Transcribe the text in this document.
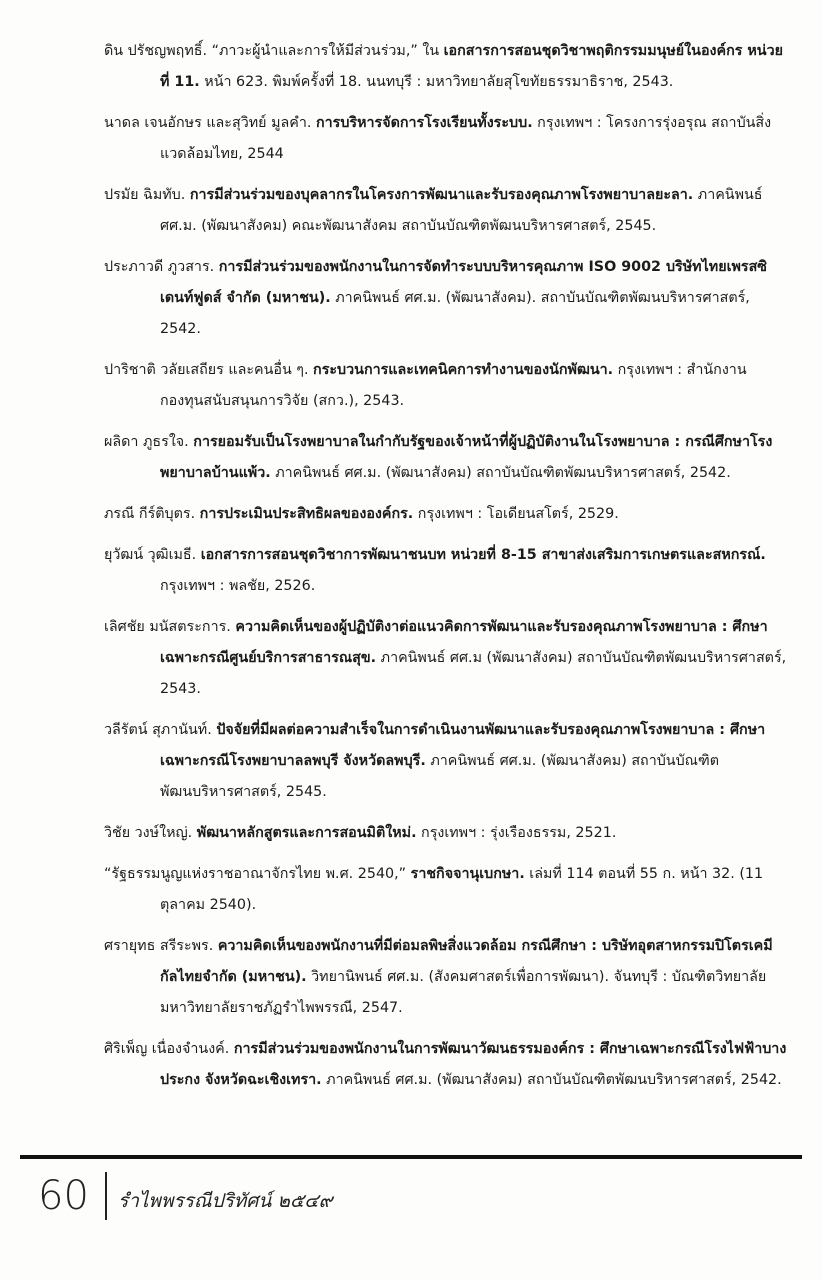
ดิน ปรัชญพฤทธิ์. “ภาวะผู้นำและการให้มีส่วนร่วม,” ใน เอกสารการสอนชุดวิชาพฤติกรรมมนุษย์ในองค์กร หน่วยที่ 11. หน้า 623. พิมพ์ครั้งที่ 18. นนทบุรี : มหาวิทยาลัยสุโขทัยธรรมาธิราช, 2543.

นาดล เจนอักษร และสุวิทย์ มูลคำ. การบริหารจัดการโรงเรียนทั้งระบบ. กรุงเทพฯ : โครงการรุ่งอรุณ สถาบันสิ่งแวดล้อมไทย, 2544

ปรมัย ฉิมทับ. การมีส่วนร่วมของบุคลากรในโครงการพัฒนาและรับรองคุณภาพโรงพยาบาลยะลา. ภาคนิพนธ์ ศศ.ม. (พัฒนาสังคม) คณะพัฒนาสังคม สถาบันบัณฑิตพัฒนบริหารศาสตร์, 2545.

ประภาวดี ภูวสาร. การมีส่วนร่วมของพนักงานในการจัดทำระบบบริหารคุณภาพ ISO 9002 บริษัทไทยเพรสซิเดนท์ฟูดส์ จำกัด (มหาชน). ภาคนิพนธ์ ศศ.ม. (พัฒนาสังคม). สถาบันบัณฑิตพัฒนบริหารศาสตร์, 2542.

ปาริชาติ วลัยเสถียร และคนอื่น ๆ. กระบวนการและเทคนิคการทำงานของนักพัฒนา. กรุงเทพฯ : สำนักงานกองทุนสนับสนุนการวิจัย (สกว.), 2543.

ผลิดา ภูธรใจ. การยอมรับเป็นโรงพยาบาลในกำกับรัฐของเจ้าหน้าที่ผู้ปฏิบัติงานในโรงพยาบาล : กรณีศึกษาโรงพยาบาลบ้านแพ้ว. ภาคนิพนธ์ ศศ.ม. (พัฒนาสังคม) สถาบันบัณฑิตพัฒนบริหารศาสตร์, 2542.

ภรณี กีร์ติบุตร. การประเมินประสิทธิผลขององค์กร. กรุงเทพฯ : โอเดียนสโตร์, 2529.

ยุวัฒน์ วุฒิเมธี. เอกสารการสอนชุดวิชาการพัฒนาชนบท หน่วยที่ 8-15 สาขาส่งเสริมการเกษตรและสหกรณ์. กรุงเทพฯ : พลชัย, 2526.

เลิศชัย มนัสตระการ. ความคิดเห็นของผู้ปฏิบัติงาต่อแนวคิดการพัฒนาและรับรองคุณภาพโรงพยาบาล : ศึกษาเฉพาะกรณีศูนย์บริการสาธารณสุข. ภาคนิพนธ์ ศศ.ม (พัฒนาสังคม) สถาบันบัณฑิตพัฒนบริหารศาสตร์, 2543.

วลีรัตน์ สุภานันท์. ปัจจัยที่มีผลต่อความสำเร็จในการดำเนินงานพัฒนาและรับรองคุณภาพโรงพยาบาล : ศึกษาเฉพาะกรณีโรงพยาบาลลพบุรี จังหวัดลพบุรี. ภาคนิพนธ์ ศศ.ม. (พัฒนาสังคม) สถาบันบัณฑิตพัฒนบริหารศาสตร์, 2545.

วิชัย วงษ์ใหญ่. พัฒนาหลักสูตรและการสอนมิติใหม่. กรุงเทพฯ : รุ่งเรืองธรรม, 2521.

“รัฐธรรมนูญแห่งราชอาณาจักรไทย พ.ศ. 2540,” ราชกิจจานุเบกษา. เล่มที่ 114 ตอนที่ 55 ก. หน้า 32. (11 ตุลาคม 2540).

ศรายุทธ สรีระพร. ความคิดเห็นของพนักงานที่มีต่อมลพิษสิ่งแวดล้อม กรณีศึกษา : บริษัทอุตสาหกรรมปิโตรเคมีกัลไทยจำกัด (มหาชน). วิทยานิพนธ์ ศศ.ม. (สังคมศาสตร์เพื่อการพัฒนา). จันทบุรี : บัณฑิตวิทยาลัย มหาวิทยาลัยราชภัฏรำไพพรรณี, 2547.

ศิริเพ็ญ เนื่องจำนงค์. การมีส่วนร่วมของพนักงานในการพัฒนาวัฒนธรรมองค์กร : ศึกษาเฉพาะกรณีโรงไฟฟ้าบางประกง จังหวัดฉะเชิงเทรา. ภาคนิพนธ์ ศศ.ม. (พัฒนาสังคม) สถาบันบัณฑิตพัฒนบริหารศาสตร์, 2542.

60 รำไพพรรณีปริทัศน์ ๒๕๔๙
